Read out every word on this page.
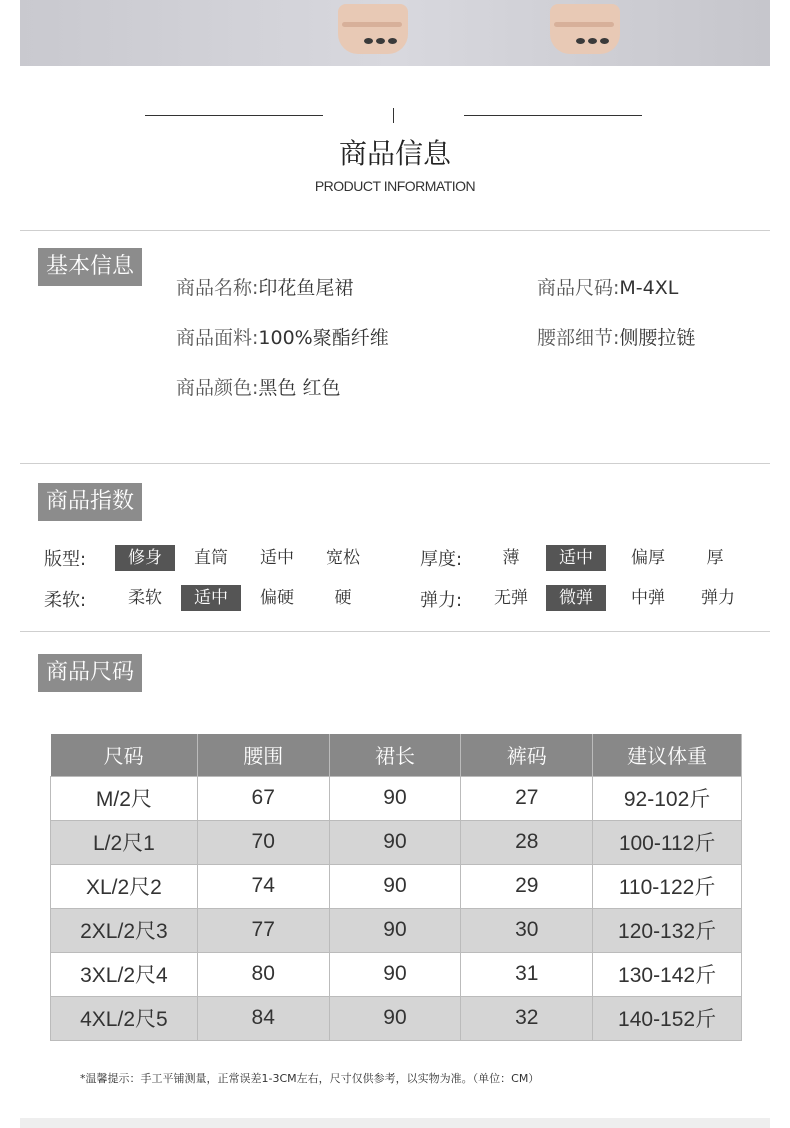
商品信息
PRODUCT INFORMATION
基本信息
商品名称:印花鱼尾裙	商品尺码:M-4XL
商品面料:100%聚酯纤维	腰部细节:侧腰拉链
商品颜色:黑色 红色
商品指数
版型:	修身	直筒	适中	宽松	厚度:	薄	适中	偏厚	厚
柔软:	柔软	适中	偏硬	硬	弹力:	无弹	微弹	中弹	弹力
商品尺码
尺码	腰围	裙长	裤码	建议体重
M/2尺	67	90	27	92-102斤
L/2尺1	70	90	28	100-112斤
XL/2尺2	74	90	29	110-122斤
2XL/2尺3	77	90	30	120-132斤
3XL/2尺4	80	90	31	130-142斤
4XL/2尺5	84	90	32	140-152斤
*温馨提示：手工平铺测量，正常误差1-3CM左右，尺寸仅供参考，以实物为准。（单位：CM）
